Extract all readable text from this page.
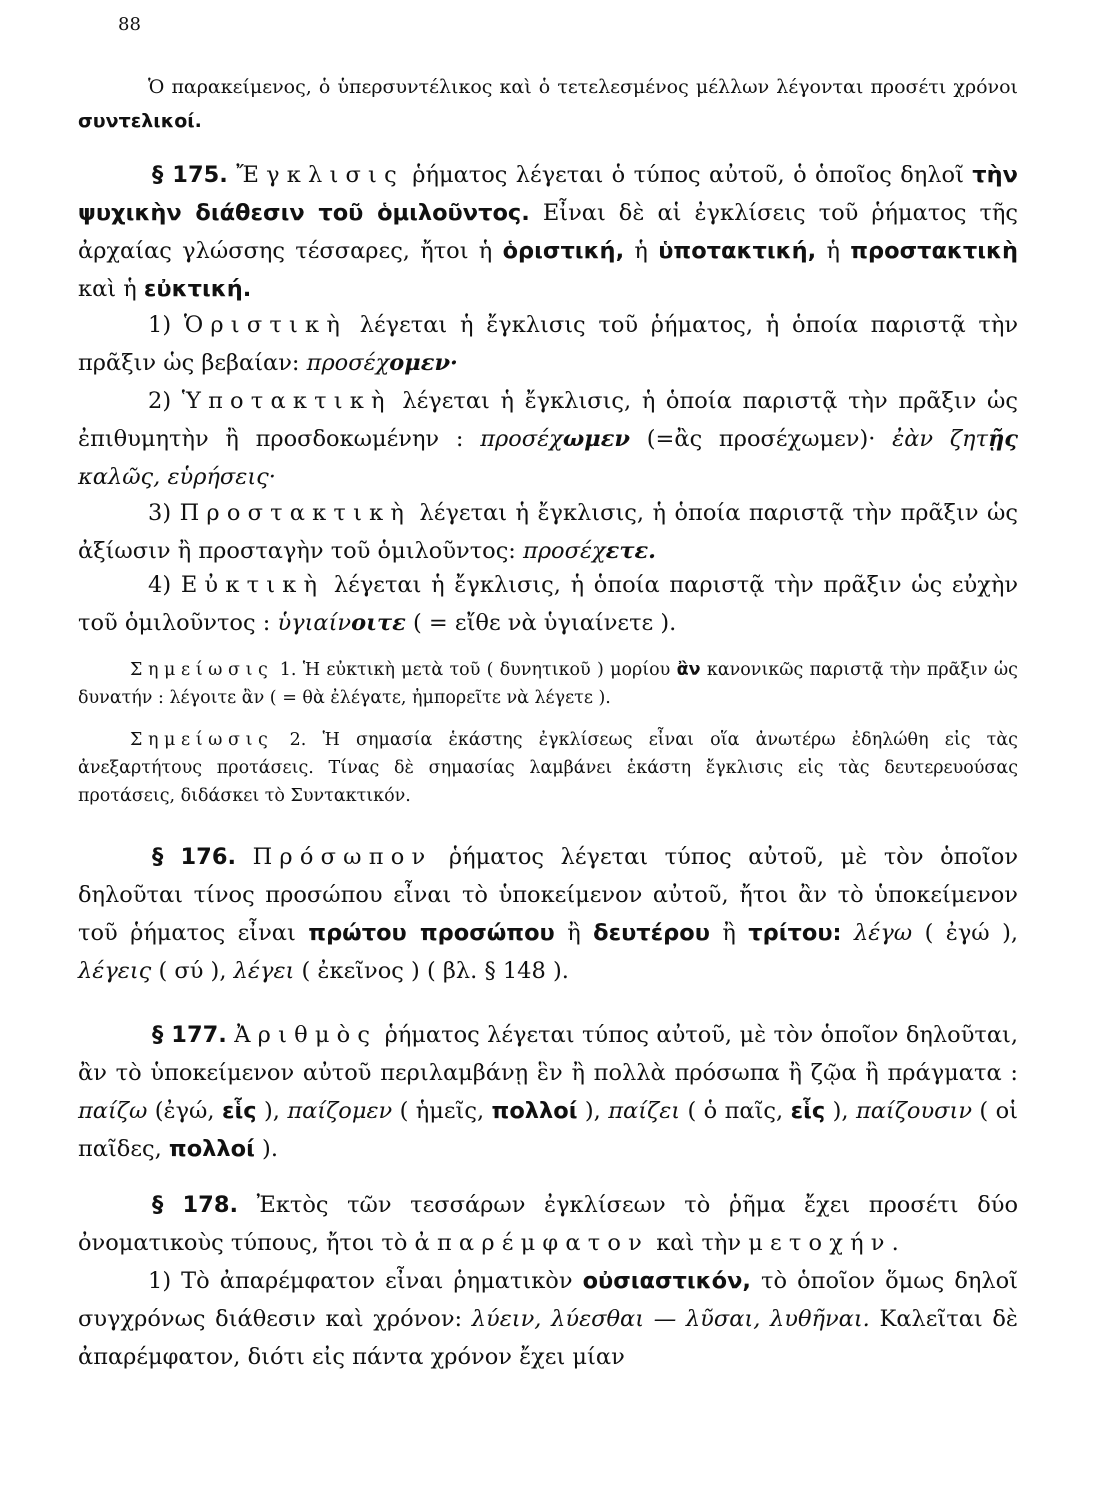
88

Ὁ παρακείμενος, ὁ ὑπερσυντέλικος καὶ ὁ τετελεσμένος μέλλων λέγονται προσέτι χρόνοι συντελικοί.

§ 175. Ἔγκλισις ῥήματος λέγεται ὁ τύπος αὐτοῦ, ὁ ὁποῖος δηλοῖ τὴν ψυχικὴν διάθεσιν τοῦ ὁμιλοῦντος. Εἶναι δὲ αἱ ἐγκλίσεις τοῦ ῥήματος τῆς ἀρχαίας γλώσσης τέσσαρες, ἤτοι ἡ ὁριστική, ἡ ὑποτακτική, ἡ προστακτικὴ καὶ ἡ εὐκτική.

1) Ὁριστικὴ λέγεται ἡ ἔγκλισις τοῦ ῥήματος, ἡ ὁποία παριστᾷ τὴν πρᾶξιν ὡς βεβαίαν: προσέχομεν·

2) Ὑποτακτικὴ λέγεται ἡ ἔγκλισις, ἡ ὁποία παριστᾷ τὴν πρᾶξιν ὡς ἐπιθυμητὴν ἢ προσδοκωμένην : προσέχωμεν (=ἂς προσέχωμεν)· ἐὰν ζητῇς καλῶς, εὑρήσεις·

3) Προστακτικὴ λέγεται ἡ ἔγκλισις, ἡ ὁποία παριστᾷ τὴν πρᾶξιν ὡς ἀξίωσιν ἢ προσταγὴν τοῦ ὁμιλοῦντος: προσέχετε.

4) Εὐκτικὴ λέγεται ἡ ἔγκλισις, ἡ ὁποία παριστᾷ τὴν πρᾶξιν ὡς εὐχὴν τοῦ ὁμιλοῦντος : ὑγιαίνοιτε ( = εἴθε νὰ ὑγιαίνετε ).

Σημείωσις 1. Ἡ εὐκτικὴ μετὰ τοῦ ( δυνητικοῦ ) μορίου ἂν κανονικῶς παριστᾷ τὴν πρᾶξιν ὡς δυνατήν : λέγοιτε ἂν ( = θὰ ἐλέγατε, ἠμπορεῖτε νὰ λέγετε ).

Σημείωσις 2. Ἡ σημασία ἑκάστης ἐγκλίσεως εἶναι οἵα ἀνωτέρω ἐδηλώθη εἰς τὰς ἀνεξαρτήτους προτάσεις. Τίνας δὲ σημασίας λαμβάνει ἑκάστη ἔγκλισις εἰς τὰς δευτερευούσας προτάσεις, διδάσκει τὸ Συντακτικόν.

§ 176. Πρόσωπον ῥήματος λέγεται τύπος αὐτοῦ, μὲ τὸν ὁποῖον δηλοῦται τίνος προσώπου εἶναι τὸ ὑποκείμενον αὐτοῦ, ἤτοι ἂν τὸ ὑποκείμενον τοῦ ῥήματος εἶναι πρώτου προσώπου ἢ δευτέρου ἢ τρίτου: λέγω ( ἐγώ ), λέγεις ( σύ ), λέγει ( ἐκεῖνος ) ( βλ. § 148 ).

§ 177. Ἀριθμὸς ῥήματος λέγεται τύπος αὐτοῦ, μὲ τὸν ὁποῖον δηλοῦται, ἂν τὸ ὑποκείμενον αὐτοῦ περιλαμβάνῃ ἓν ἢ πολλὰ πρόσωπα ἢ ζῷα ἢ πράγματα : παίζω (ἐγώ, εἷς ), παίζομεν ( ἡμεῖς, πολλοί ), παίζει ( ὁ παῖς, εἷς ), παίζουσιν ( οἱ παῖδες, πολλοί ).

§ 178. Ἐκτὸς τῶν τεσσάρων ἐγκλίσεων τὸ ῥῆμα ἔχει προσέτι δύο ὀνοματικοὺς τύπους, ἤτοι τὸ ἀπαρέμφατον καὶ τὴν μετοχήν.

1) Τὸ ἀπαρέμφατον εἶναι ῥηματικὸν οὐσιαστικόν, τὸ ὁποῖον ὅμως δηλοῖ συγχρόνως διάθεσιν καὶ χρόνον: λύειν, λύεσθαι — λῦσαι, λυθῆναι. Καλεῖται δὲ ἀπαρέμφατον, διότι εἰς πάντα χρόνον ἔχει μίαν
